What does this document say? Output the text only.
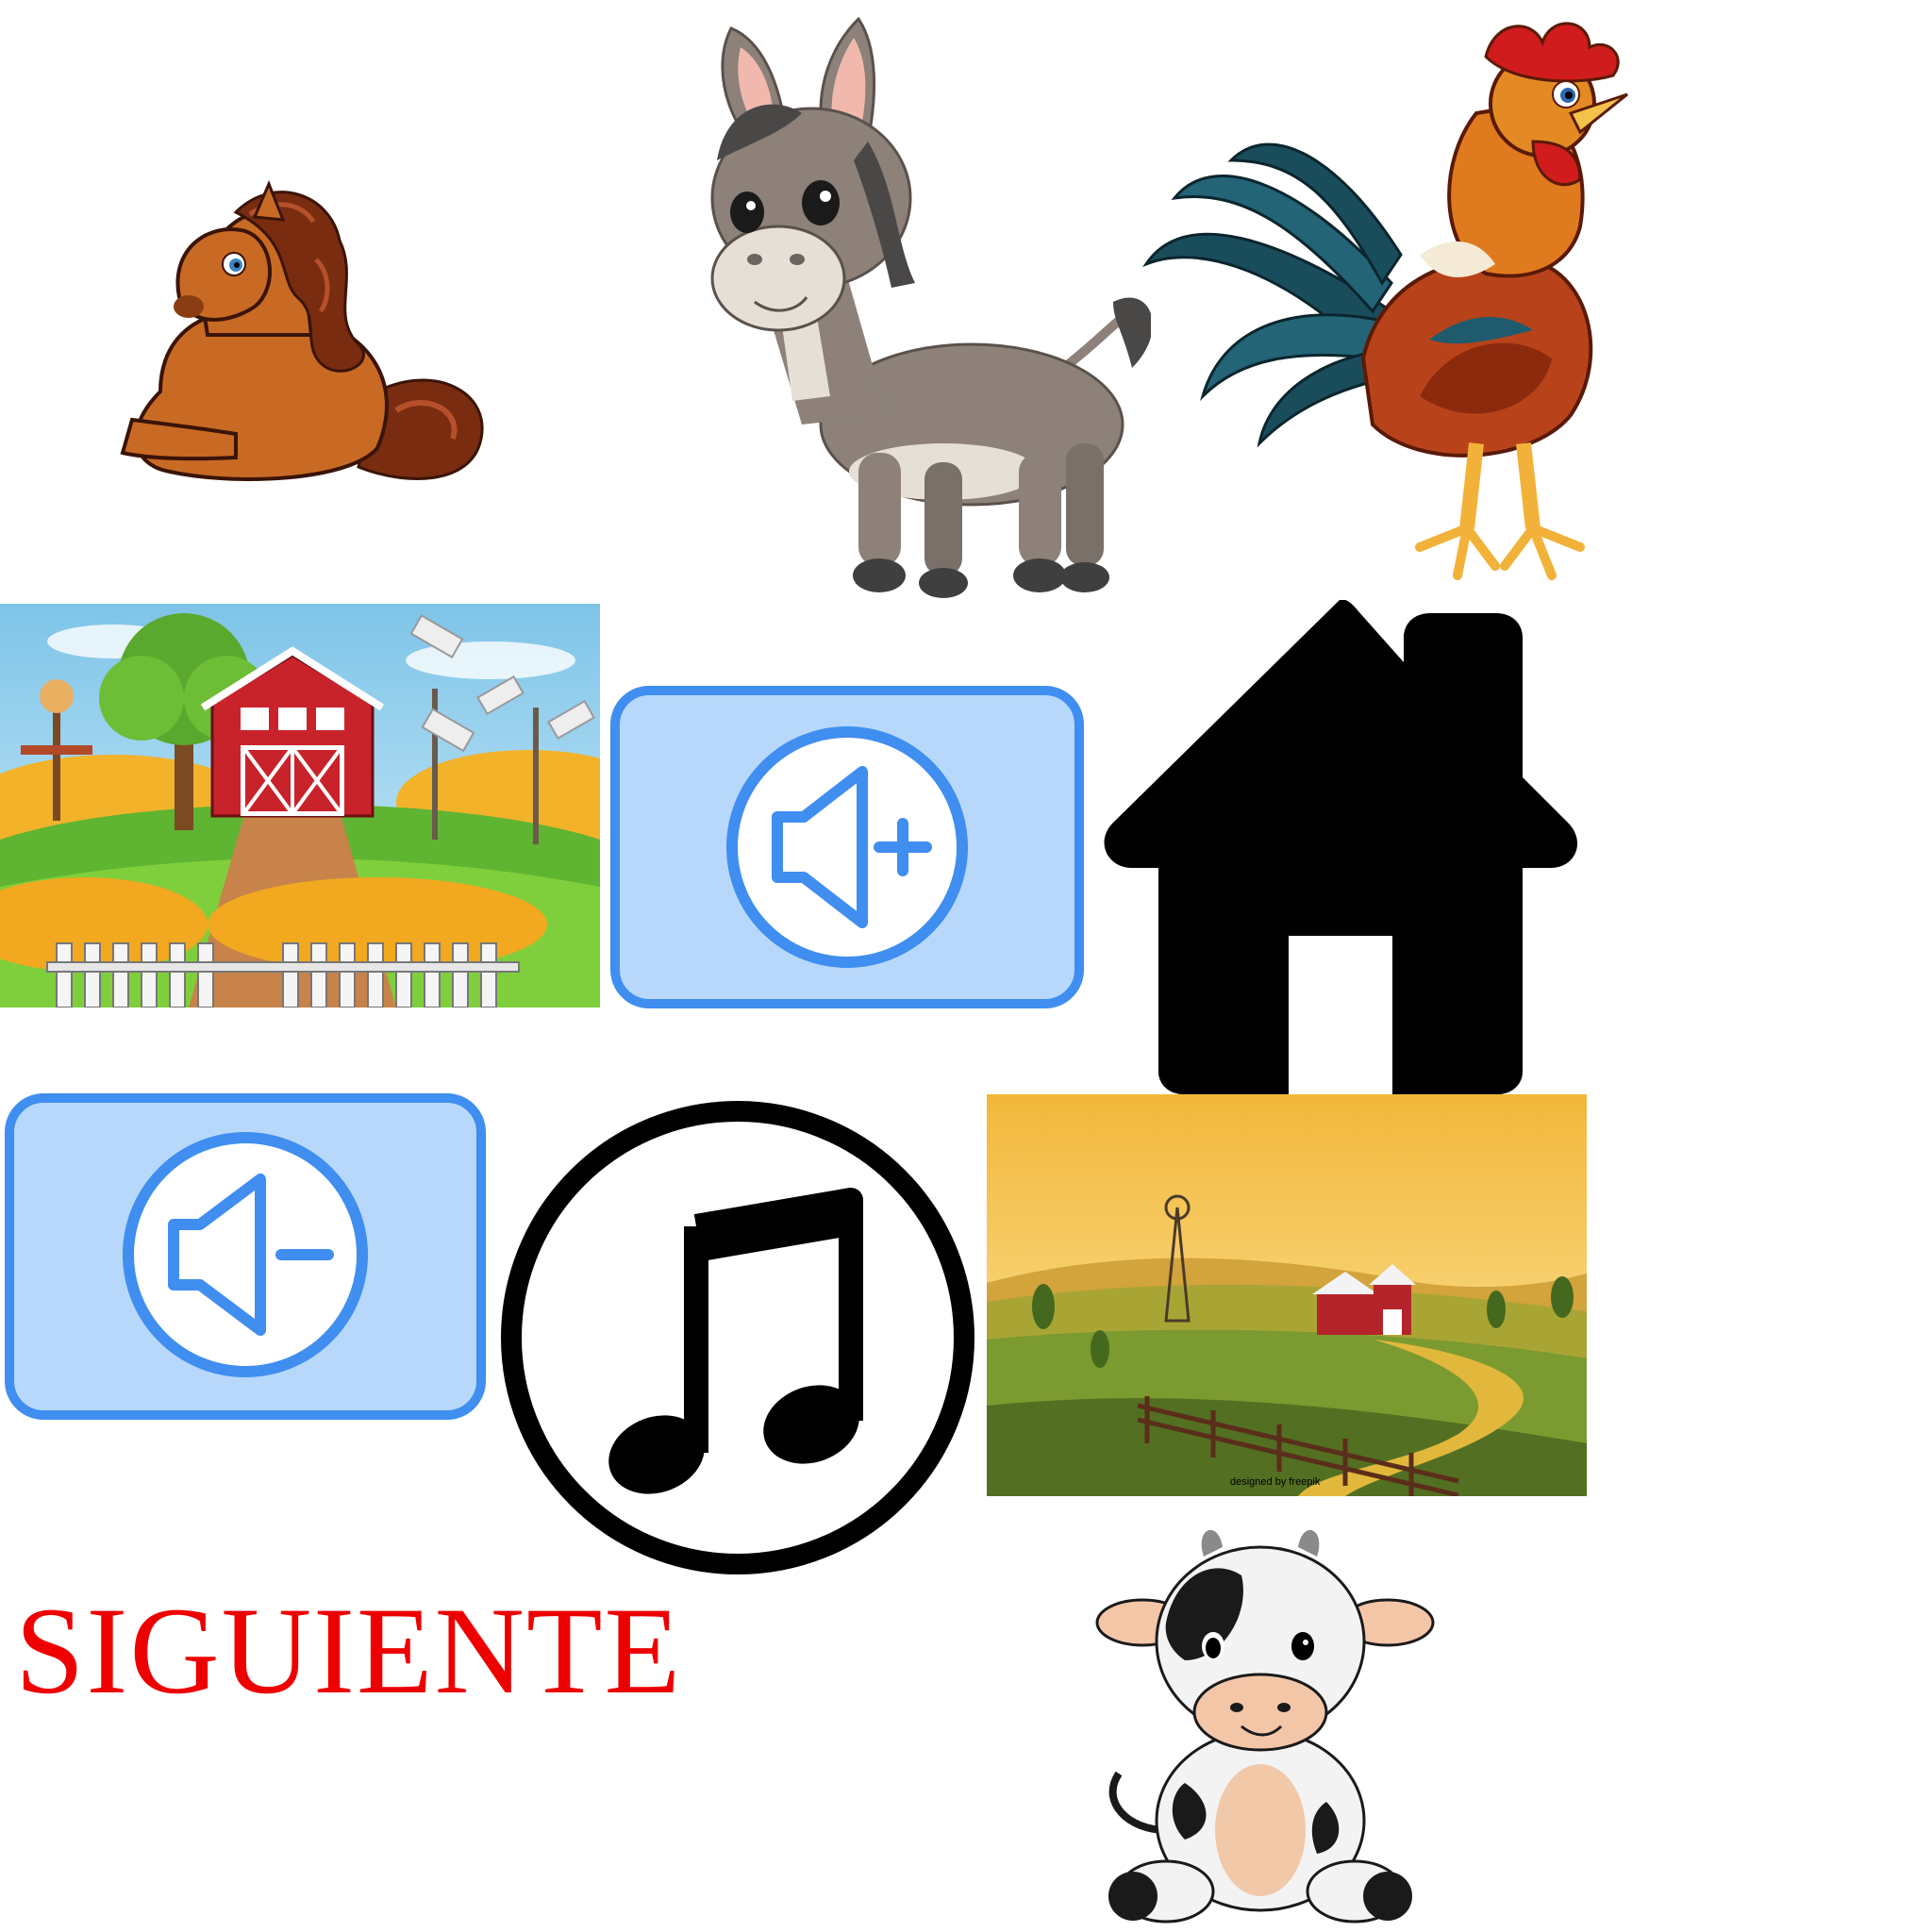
designed by freepik
SIGUIENTE
